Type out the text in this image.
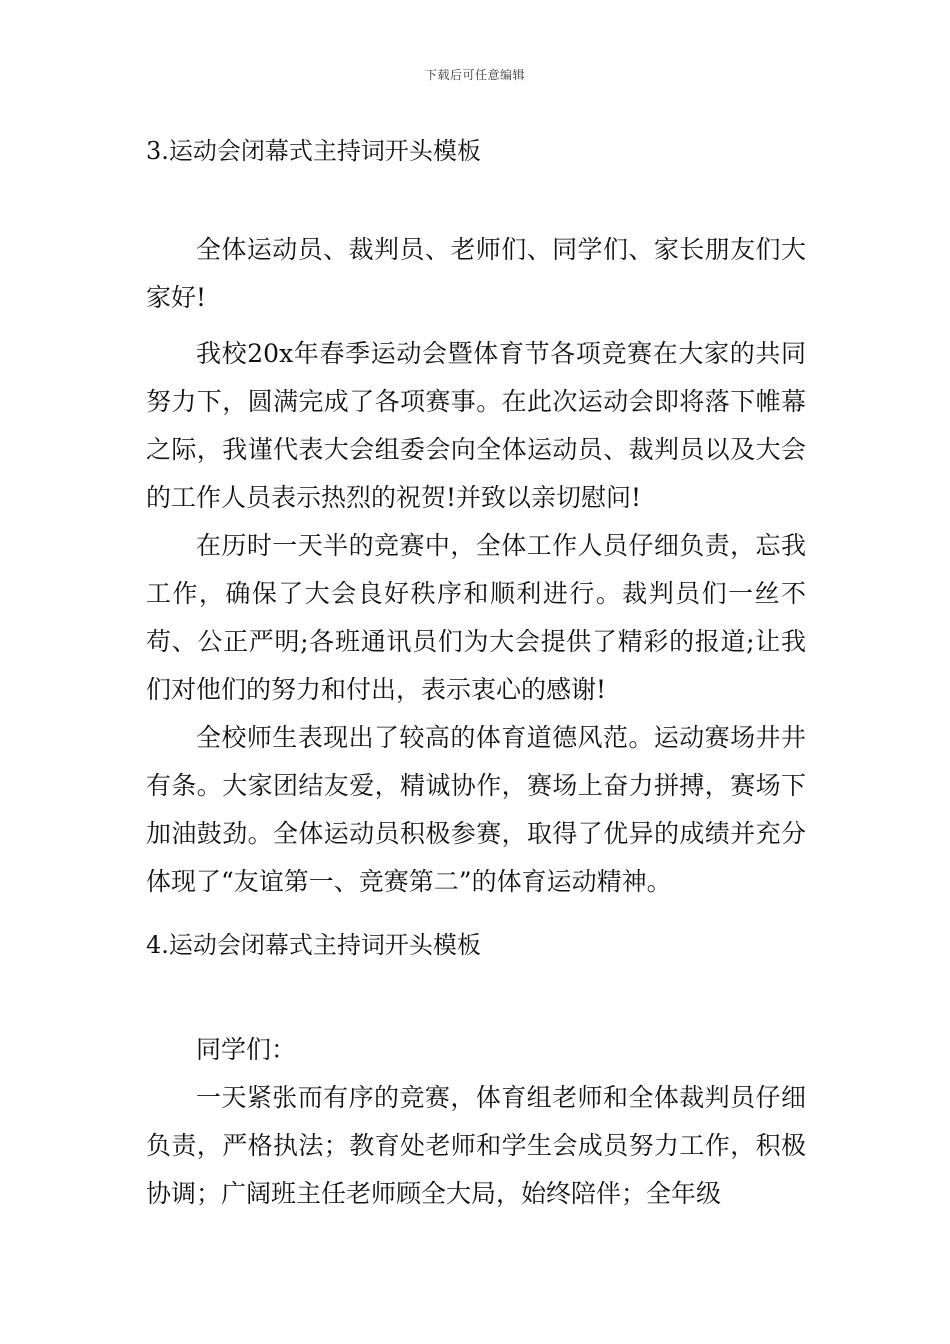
下载后可任意编辑
3.运动会闭幕式主持词开头模板

全体运动员、裁判员、老师们、同学们、家长朋友们大家好!

我校20x年春季运动会暨体育节各项竞赛在大家的共同努力下，圆满完成了各项赛事。在此次运动会即将落下帷幕之际，我谨代表大会组委会向全体运动员、裁判员以及大会的工作人员表示热烈的祝贺!并致以亲切慰问!

在历时一天半的竞赛中，全体工作人员仔细负责，忘我工作，确保了大会良好秩序和顺利进行。裁判员们一丝不苟、公正严明;各班通讯员们为大会提供了精彩的报道;让我们对他们的努力和付出，表示衷心的感谢!

全校师生表现出了较高的体育道德风范。运动赛场井井有条。大家团结友爱，精诚协作，赛场上奋力拼搏，赛场下加油鼓劲。全体运动员积极参赛，取得了优异的成绩并充分体现了“友谊第一、竞赛第二”的体育运动精神。

4.运动会闭幕式主持词开头模板

同学们：

一天紧张而有序的竞赛，体育组老师和全体裁判员仔细负责，严格执法；教育处老师和学生会成员努力工作，积极协调；广阔班主任老师顾全大局，始终陪伴；全年级
